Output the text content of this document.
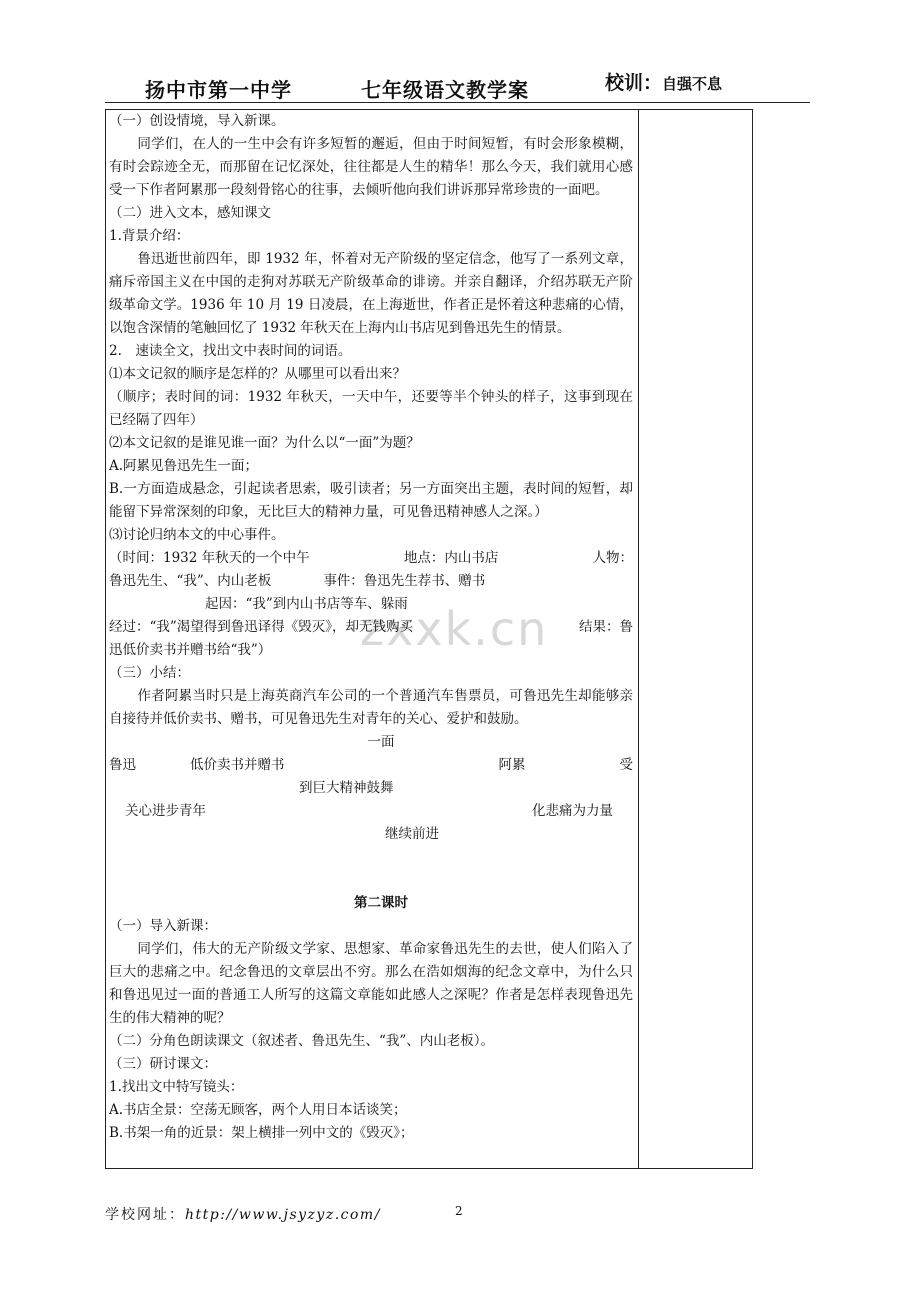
扬中市第一中学	七年级语文教学案	校训：自强不息
zxxk.cn

（一）创设情境，导入新课。

同学们，在人的一生中会有许多短暂的邂逅，但由于时间短暂，有时会形象模糊，有时会踪迹全无，而那留在记忆深处，往往都是人生的精华！那么今天，我们就用心感受一下作者阿累那一段刻骨铭心的往事，去倾听他向我们讲诉那异常珍贵的一面吧。

（二）进入文本，感知课文

1.背景介绍：

鲁迅逝世前四年，即 1932 年，怀着对无产阶级的坚定信念，他写了一系列文章，痛斥帝国主义在中国的走狗对苏联无产阶级革命的诽谤。并亲自翻译，介绍苏联无产阶级革命文学。1936 年 10 月 19 日凌晨，在上海逝世，作者正是怀着这种悲痛的心情，以饱含深情的笔触回忆了 1932 年秋天在上海内山书店见到鲁迅先生的情景。

2.　速读全文，找出文中表时间的词语。

⑴本文记叙的顺序是怎样的？从哪里可以看出来？

（顺序；表时间的词：1932 年秋天，一天中午，还要等半个钟头的样子，这事到现在已经隔了四年）

⑵本文记叙的是谁见谁一面？为什么以“一面”为题？

A.阿累见鲁迅先生一面；

B.一方面造成悬念，引起读者思索，吸引读者；另一方面突出主题，表时间的短暂，却能留下异常深刻的印象，无比巨大的精神力量，可见鲁迅精神感人之深。）

⑶讨论归纳本文的中心事件。

（时间：1932 年秋天的一个中午	地点：内山书店	人物：

鲁迅先生、“我”、内山老板	事件：鲁迅先生荐书、赠书

起因：“我”到内山书店等车、躲雨

经过：“我”渴望得到鲁迅译得《毁灭》，却无钱购买	结果：鲁

迅低价卖书并赠书给“我”）

（三）小结：

作者阿累当时只是上海英商汽车公司的一个普通汽车售票员，可鲁迅先生却能够亲自接待并低价卖书、赠书，可见鲁迅先生对青年的关心、爱护和鼓励。

一面

鲁迅	低价卖书并赠书	阿累	受

到巨大精神鼓舞

关心进步青年	化悲痛为力量

继续前进

第二课时

（一）导入新课：

同学们，伟大的无产阶级文学家、思想家、革命家鲁迅先生的去世，使人们陷入了巨大的悲痛之中。纪念鲁迅的文章层出不穷。那么在浩如烟海的纪念文章中，为什么只和鲁迅见过一面的普通工人所写的这篇文章能如此感人之深呢？作者是怎样表现鲁迅先生的伟大精神的呢？

（二）分角色朗读课文（叙述者、鲁迅先生、“我”、内山老板）。

（三）研讨课文：

1.找出文中特写镜头：

A.书店全景：空荡无顾客，两个人用日本话谈笑；

B.书架一角的近景：架上横排一列中文的《毁灭》；

学校网址：http://www.jsyzyz.com/	2
